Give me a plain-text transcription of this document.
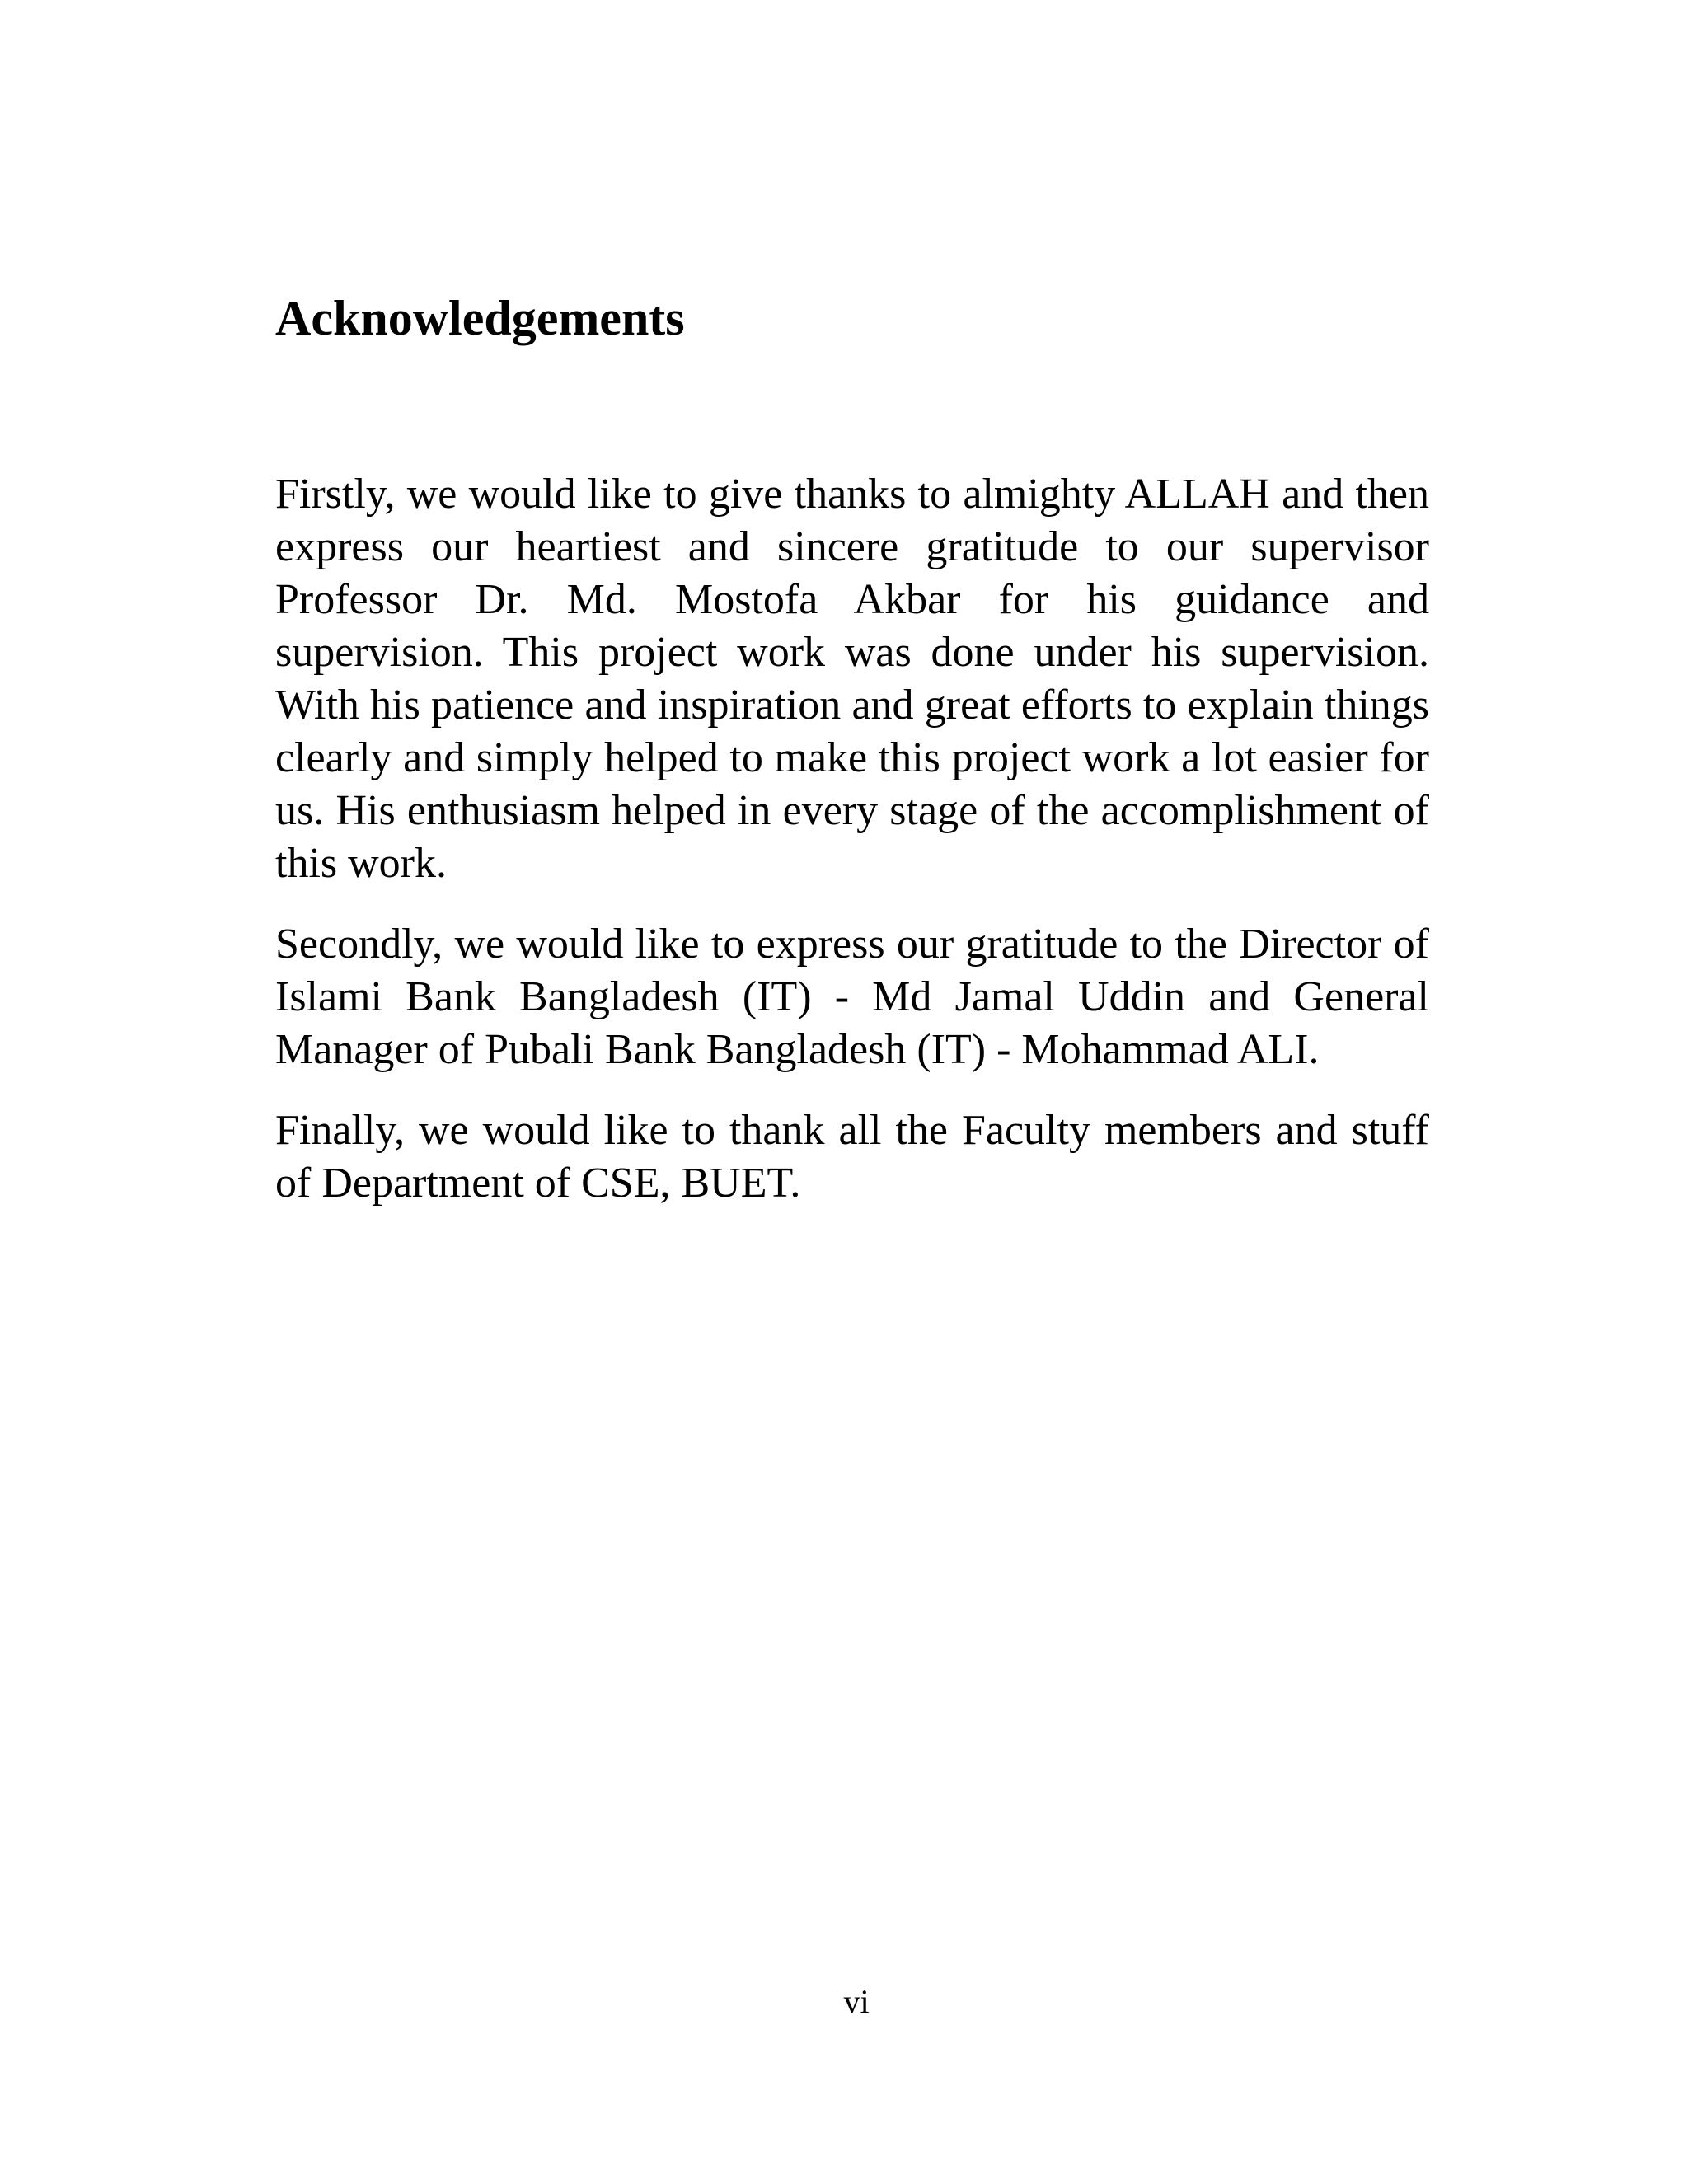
Acknowledgements

Firstly, we would like to give thanks to almighty ALLAH and then express our heartiest and sincere gratitude to our supervisor Professor Dr. Md. Mostofa Akbar for his guidance and supervision. This project work was done under his supervision. With his patience and inspiration and great efforts to explain things clearly and simply helped to make this project work a lot easier for us. His enthusiasm helped in every stage of the accomplishment of this work.

Secondly, we would like to express our gratitude to the Director of Islami Bank Bangladesh (IT) - Md Jamal Uddin and General Manager of Pubali Bank Bangladesh (IT) - Mohammad ALI.

Finally, we would like to thank all the Faculty members and stuff of Department of CSE, BUET.

vi
